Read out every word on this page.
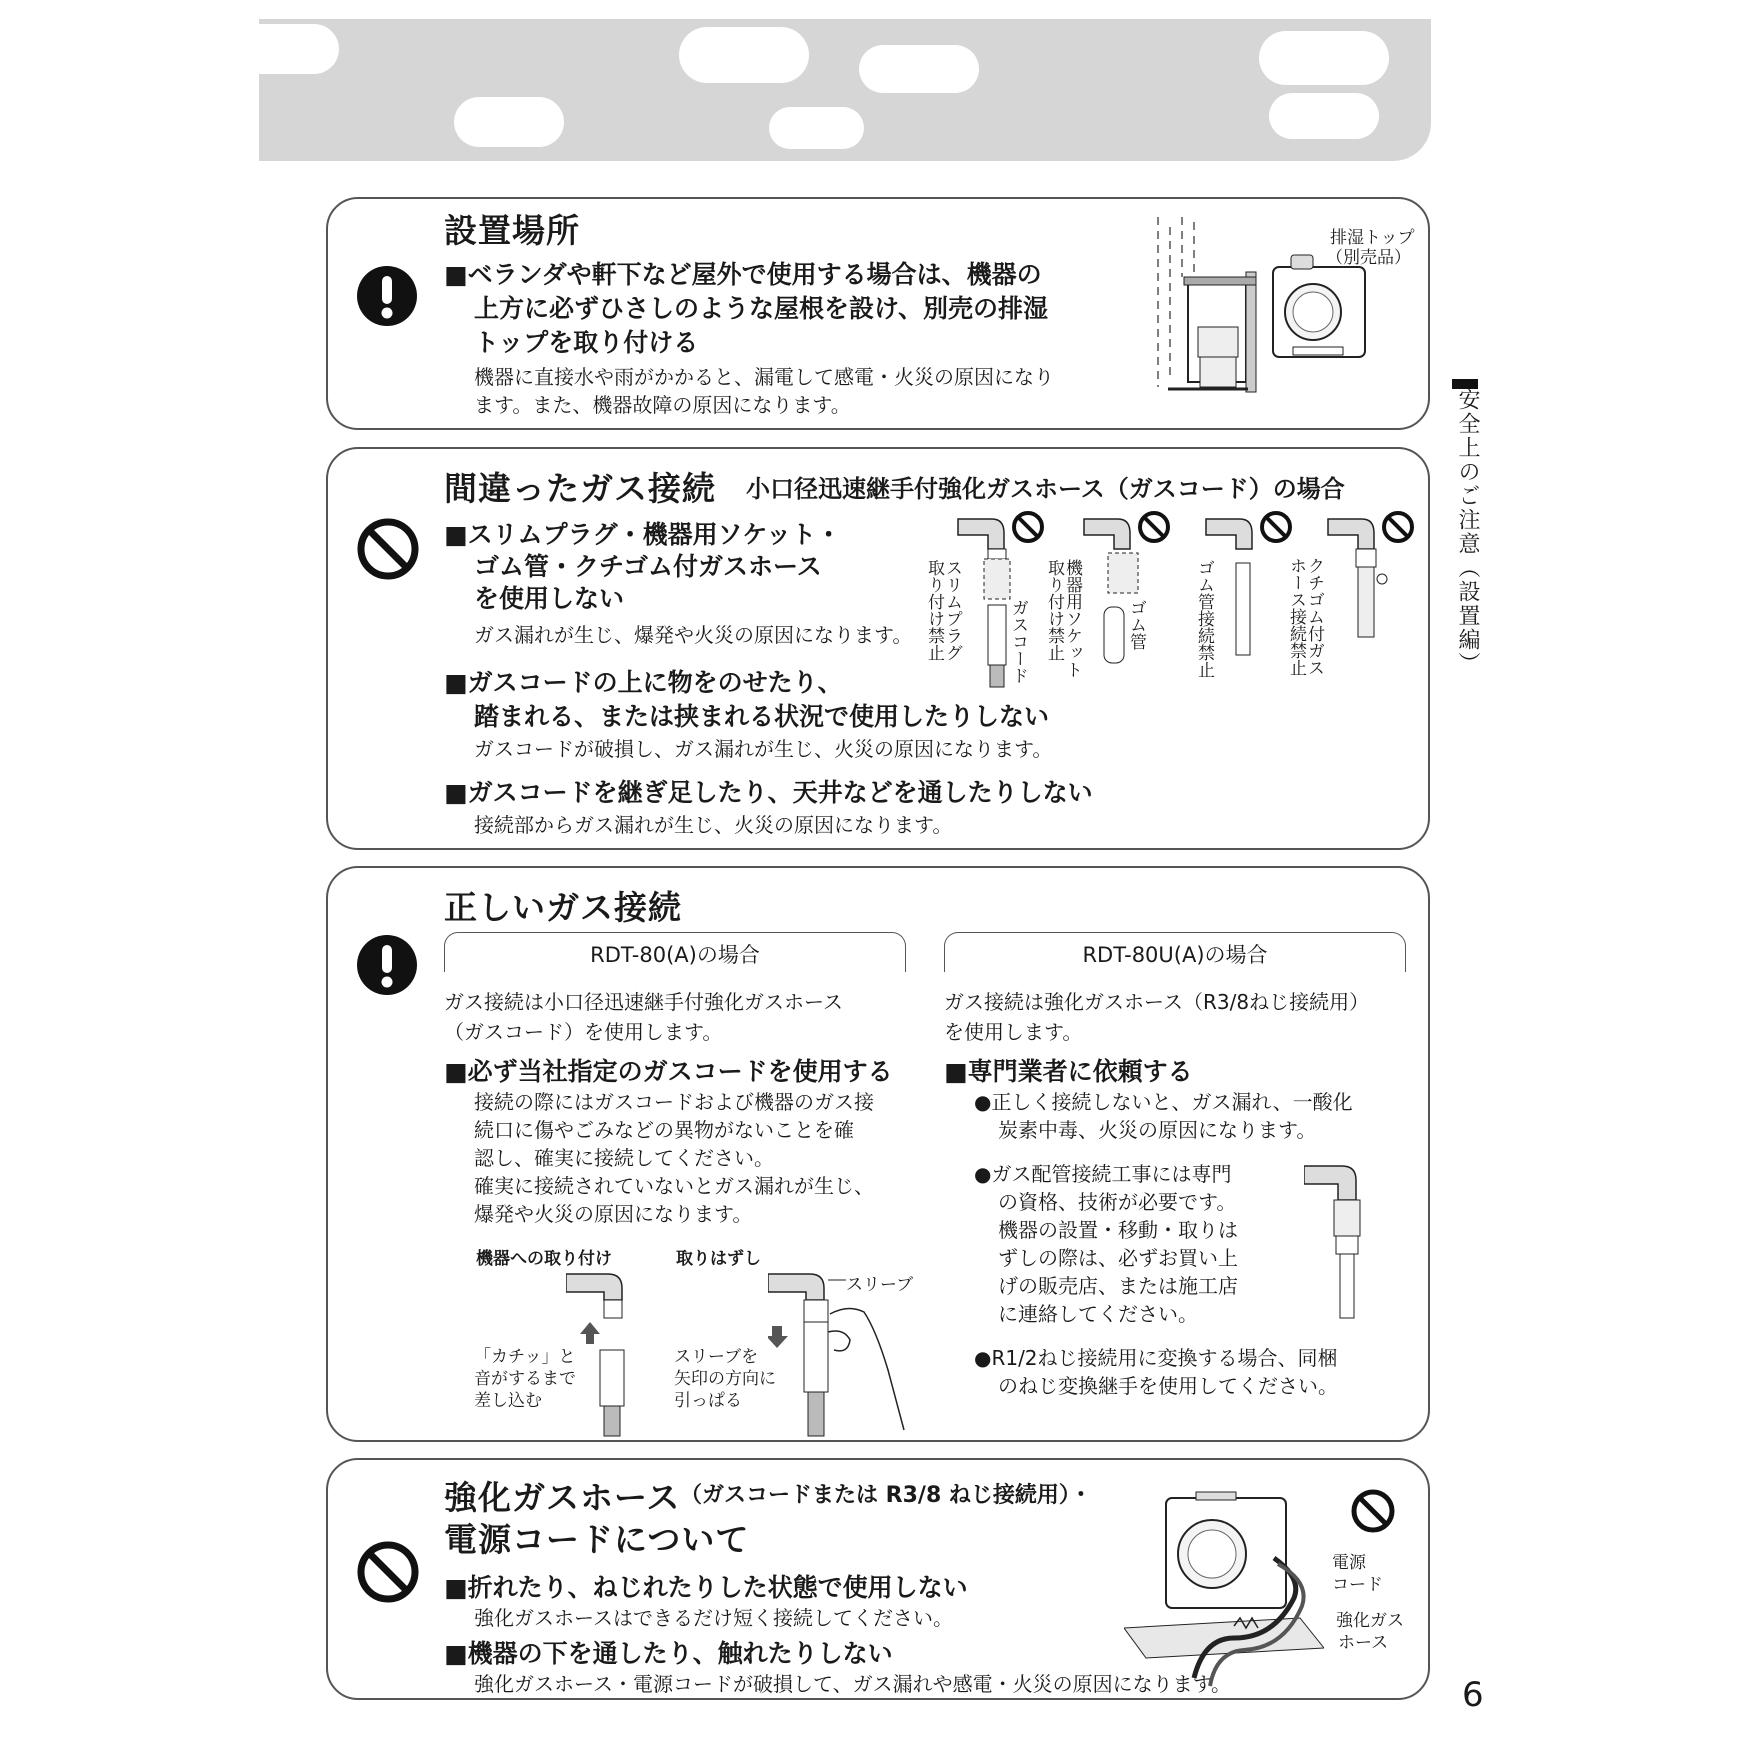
安全上のご注意（設置編）
設置場所
■ベランダや軒下など屋外で使用する場合は、機器の
上方に必ずひさしのような屋根を設け、別売の排湿
トップを取り付ける
機器に直接水や雨がかかると、漏電して感電・火災の原因になり
ます。また、機器故障の原因になります。
排湿トップ
（別売品）
間違ったガス接続 小口径迅速継手付強化ガスホース（ガスコード）の場合
■スリムプラグ・機器用ソケット・
ゴム管・クチゴム付ガスホース
を使用しない
ガス漏れが生じ、爆発や火災の原因になります。
■ガスコードの上に物をのせたり、
踏まれる、または挟まれる状況で使用したりしない
ガスコードが破損し、ガス漏れが生じ、火災の原因になります。
■ガスコードを継ぎ足したり、天井などを通したりしない
接続部からガス漏れが生じ、火災の原因になります。
スリムプラグ
取り付け禁止	ガスコード 機器用ソケット
取り付け禁止	ゴム管	ゴム管接続禁止	クチゴム付ガス
ホース接続禁止
正しいガス接続
RDT-80(A)の場合	RDT-80U(A)の場合
ガス接続は小口径迅速継手付強化ガスホース
（ガスコード）を使用します。
■必ず当社指定のガスコードを使用する
接続の際にはガスコードおよび機器のガス接
続口に傷やごみなどの異物がないことを確
認し、確実に接続してください。
確実に接続されていないとガス漏れが生じ、
爆発や火災の原因になります。
機器への取り付け	取りはずし
「カチッ」と
音がするまで
差し込む
スリーブ
スリーブを
矢印の方向に
引っぱる
ガス接続は強化ガスホース（R3/8ねじ接続用）
を使用します。
■専門業者に依頼する
●正しく接続しないと、ガス漏れ、一酸化
炭素中毒、火災の原因になります。
●ガス配管接続工事には専門
の資格、技術が必要です。
機器の設置・移動・取りは
ずしの際は、必ずお買い上
げの販売店、または施工店
に連絡してください。
●R1/2ねじ接続用に変換する場合、同梱
のねじ変換継手を使用してください。
強化ガスホース （ガスコードまたは R3/8 ねじ接続用）・
電源コードについて
■折れたり、ねじれたりした状態で使用しない
強化ガスホースはできるだけ短く接続してください。
■機器の下を通したり、触れたりしない
強化ガスホース・電源コードが破損して、ガス漏れや感電・火災の原因になります。
電源
コード
強化ガス
ホース
6
